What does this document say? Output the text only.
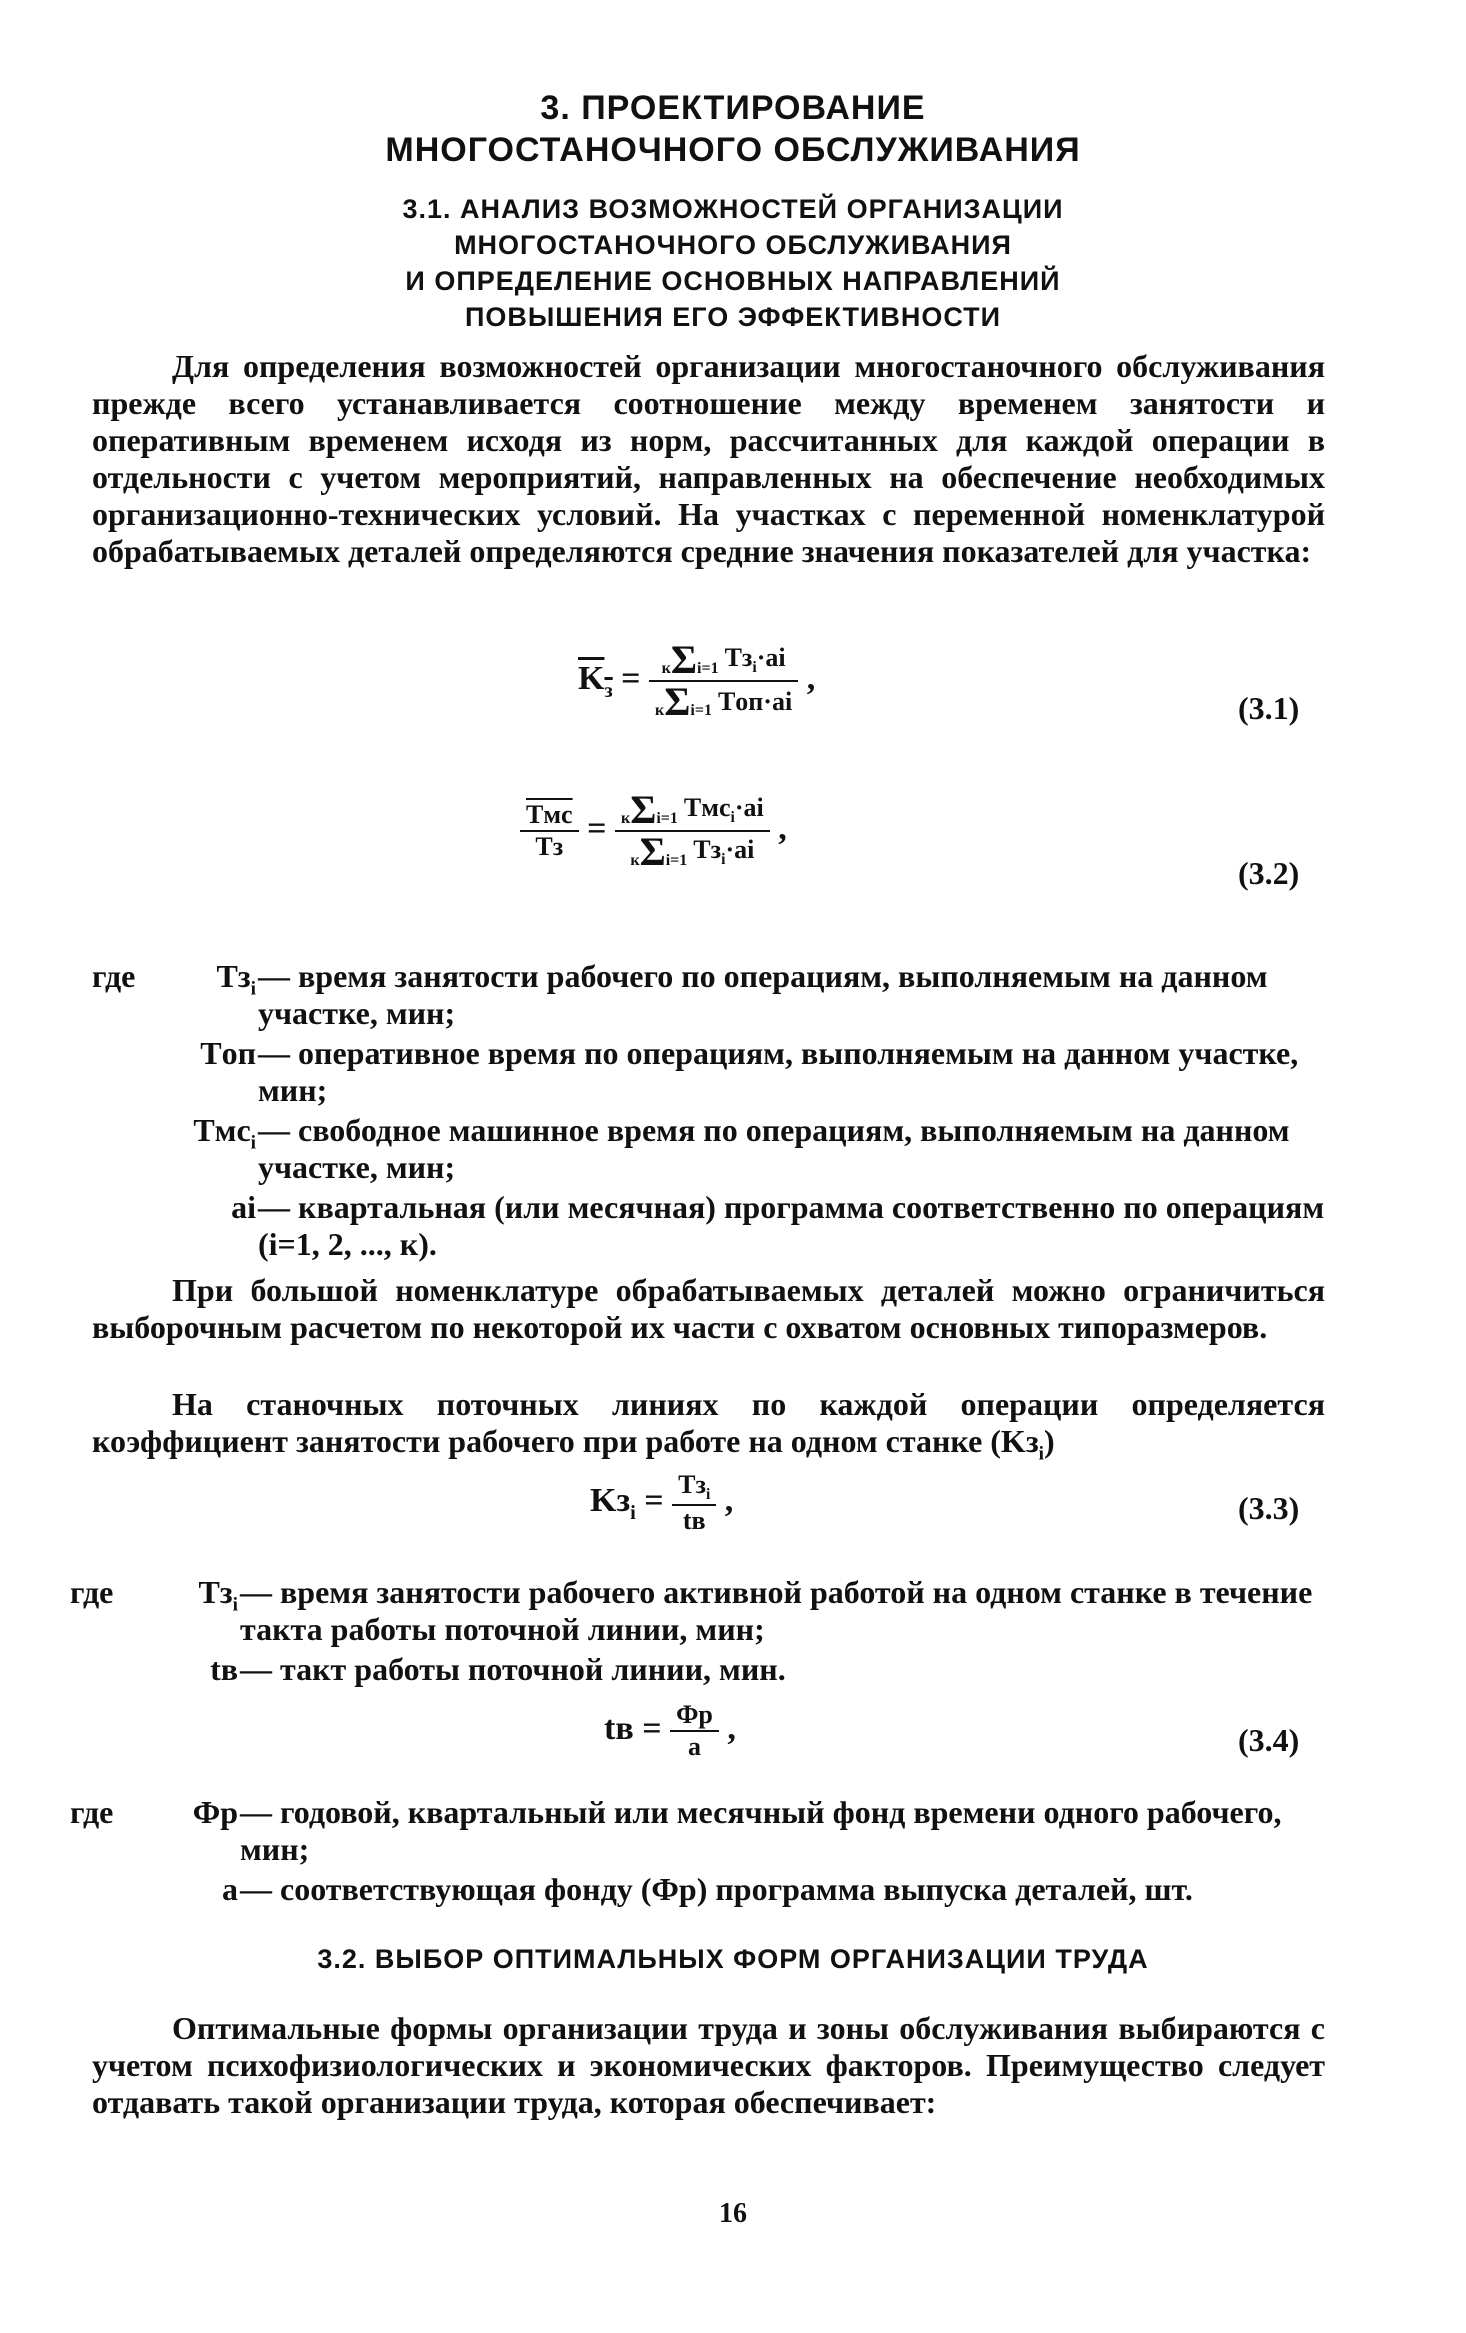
3. ПРОЕКТИРОВАНИЕ
МНОГОСТАНОЧНОГО ОБСЛУЖИВАНИЯ
3.1. АНАЛИЗ ВОЗМОЖНОСТЕЙ ОРГАНИЗАЦИИ
МНОГОСТАНОЧНОГО ОБСЛУЖИВАНИЯ
И ОПРЕДЕЛЕНИЕ ОСНОВНЫХ НАПРАВЛЕНИЙ
ПОВЫШЕНИЯ ЕГО ЭФФЕКТИВНОСТИ

Для определения возможностей организации многостаночного обслуживания прежде всего устанавливается соотношение между временем занятости и оперативным временем исходя из норм, рассчитанных для каждой операции в отдельности с учетом мероприятий, направленных на обеспечение необходимых организационно-технических условий. На участках с переменной номенклатурой обрабатываемых деталей определяются средние значения показателей для участка:

$K_з = \frac{к\Sigma i=1 Tз_i\cdot ai}{\text{кΣi=1 Tоп·ai}}$ ,
(3.1)
$\frac{\text{Tмс}}{Tз} = \frac{к\Sigma i=1 Tмс_i\cdot ai}{к\Sigma i=1 Tз_i\cdot ai}$ ,
(3.2)
где	$Tз_i$ — время занятости рабочего по операциям, выполняемым на данном участке, мин;
Tоп — оперативное время по операциям, выполняемым на данном участке, мин;
Tмс$_i$ — свободное машинное время по операциям, выполняемым на данном участке, мин;
ai — квартальная (или месячная) программа соответственно по операциям (i=1, 2, ..., к).

При большой номенклатуре обрабатываемых деталей можно ограничиться выборочным расчетом по некоторой их части с охватом основных типоразмеров.

На станочных поточных линиях по каждой операции определяется коэффициент занятости рабочего при работе на одном станке $(Kз_i)$

$Kз_i = \frac{Tз_i}{tв}$ ,	(3.3)
где	$Tз_i$ — время занятости рабочего активной работой на одном станке в течение такта работы поточной линии, мин;
tв — такт работы поточной линии, мин.
tв = $\frac{Фр}{a}$ ,	(3.4)
где Фр — годовой, квартальный или месячный фонд времени одного рабочего, мин;
a — соответствующая фонду (Фр) программа выпуска деталей, шт.
3.2. ВЫБОР ОПТИМАЛЬНЫХ ФОРМ ОРГАНИЗАЦИИ ТРУДА

Оптимальные формы организации труда и зоны обслуживания выбираются с учетом психофизиологических и экономических факторов. Преимущество следует отдавать такой организации труда, которая обеспечивает:

16
